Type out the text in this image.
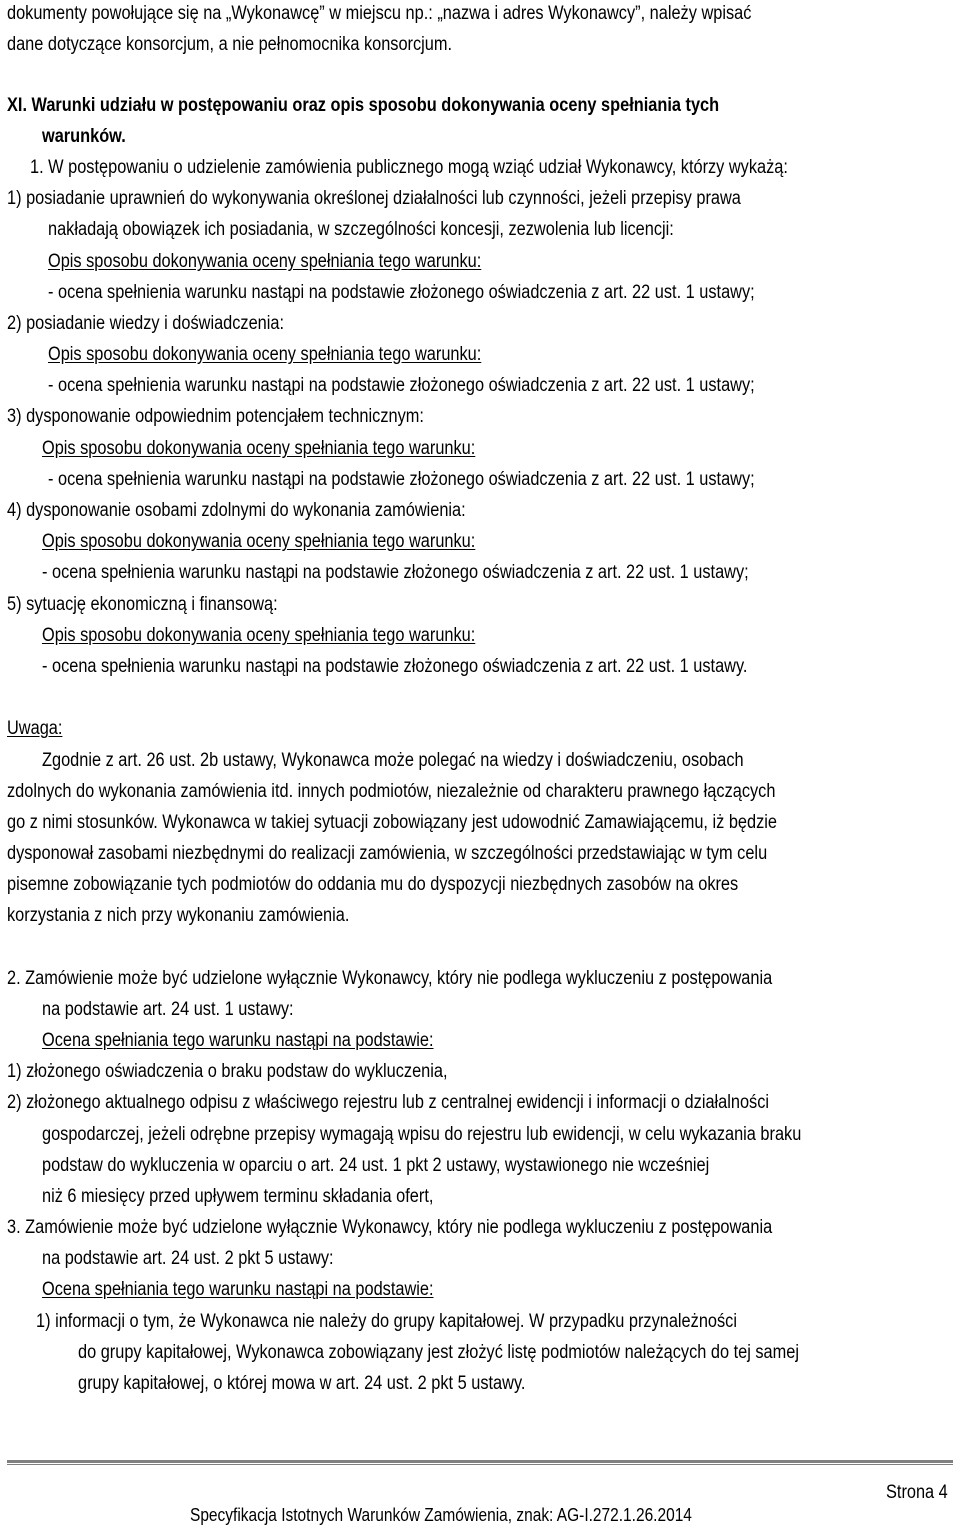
dokumenty powołujące się na „Wykonawcę” w miejscu np.: „nazwa i adres Wykonawcy”, należy wpisać
dane dotyczące konsorcjum, a nie pełnomocnika konsorcjum.
XI. Warunki udziału w postępowaniu oraz opis sposobu dokonywania oceny spełniania tych
warunków.
1. W postępowaniu o udzielenie zamówienia publicznego mogą wziąć udział Wykonawcy, którzy wykażą:
1) posiadanie uprawnień do wykonywania określonej działalności lub czynności, jeżeli przepisy prawa
nakładają obowiązek ich posiadania, w szczególności koncesji, zezwolenia lub licencji:
Opis sposobu dokonywania oceny spełniania tego warunku:
- ocena spełnienia warunku nastąpi na podstawie złożonego oświadczenia z art. 22 ust. 1 ustawy;
2) posiadanie wiedzy i doświadczenia:
Opis sposobu dokonywania oceny spełniania tego warunku:
- ocena spełnienia warunku nastąpi na podstawie złożonego oświadczenia z art. 22 ust. 1 ustawy;
3) dysponowanie odpowiednim potencjałem technicznym:
Opis sposobu dokonywania oceny spełniania tego warunku:
- ocena spełnienia warunku nastąpi na podstawie złożonego oświadczenia z art. 22 ust. 1 ustawy;
4) dysponowanie osobami zdolnymi do wykonania zamówienia:
Opis sposobu dokonywania oceny spełniania tego warunku:
- ocena spełnienia warunku nastąpi na podstawie złożonego oświadczenia z art. 22 ust. 1 ustawy;
5) sytuację ekonomiczną i finansową:
Opis sposobu dokonywania oceny spełniania tego warunku:
- ocena spełnienia warunku nastąpi na podstawie złożonego oświadczenia z art. 22 ust. 1 ustawy.
Uwaga:
Zgodnie z art. 26 ust. 2b ustawy, Wykonawca może polegać na wiedzy i doświadczeniu, osobach
zdolnych do wykonania zamówienia itd. innych podmiotów, niezależnie od charakteru prawnego łączących
go z nimi stosunków. Wykonawca w takiej sytuacji zobowiązany jest udowodnić Zamawiającemu, iż będzie
dysponował zasobami niezbędnymi do realizacji zamówienia, w szczególności przedstawiając w tym celu
pisemne zobowiązanie tych podmiotów do oddania mu do dyspozycji niezbędnych zasobów na okres
korzystania z nich przy wykonaniu zamówienia.
2. Zamówienie może być udzielone wyłącznie Wykonawcy, który nie podlega wykluczeniu z postępowania
na podstawie art. 24 ust. 1 ustawy:
Ocena spełniania tego warunku nastąpi na podstawie:
1) złożonego oświadczenia o braku podstaw do wykluczenia,
2) złożonego aktualnego odpisu z właściwego rejestru lub z centralnej ewidencji i informacji o działalności
gospodarczej, jeżeli odrębne przepisy wymagają wpisu do rejestru lub ewidencji, w celu wykazania braku
podstaw do wykluczenia w oparciu o art. 24 ust. 1 pkt 2 ustawy, wystawionego nie wcześniej
niż 6 miesięcy przed upływem terminu składania ofert,
3. Zamówienie może być udzielone wyłącznie Wykonawcy, który nie podlega wykluczeniu z postępowania
na podstawie art. 24 ust. 2 pkt 5 ustawy:
Ocena spełniania tego warunku nastąpi na podstawie:
1) informacji o tym, że Wykonawca nie należy do grupy kapitałowej. W przypadku przynależności
do grupy kapitałowej, Wykonawca zobowiązany jest złożyć listę podmiotów należących do tej samej
grupy kapitałowej, o której mowa w art. 24 ust. 2 pkt 5 ustawy.
Strona 4
Specyfikacja Istotnych Warunków Zamówienia, znak: AG-I.272.1.26.2014
